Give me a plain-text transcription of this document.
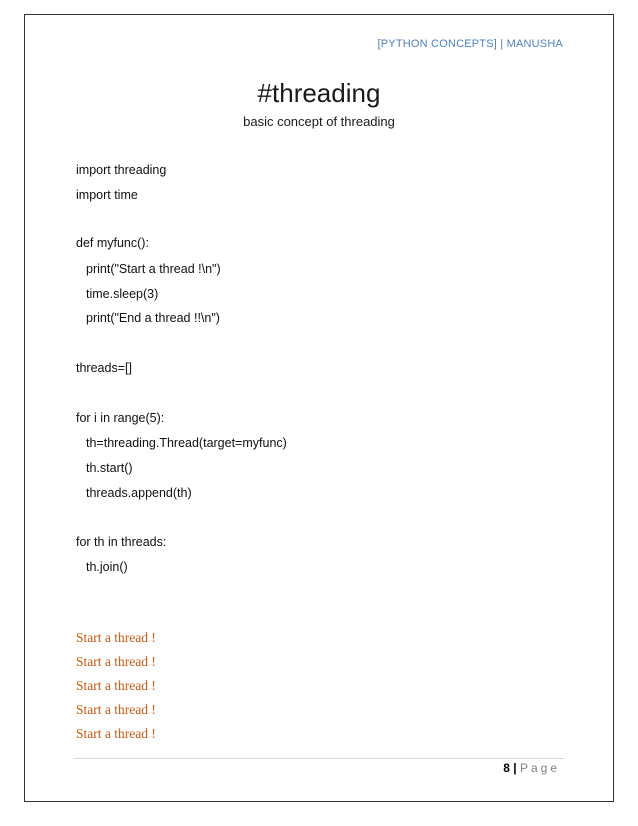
[PYTHON CONCEPTS] | MANUSHA
#threading
basic concept of threading
import threading
import time
def myfunc():
print("Start a thread !\n")
time.sleep(3)
print("End a thread !!\n")
threads=[]
for i in range(5):
th=threading.Thread(target=myfunc)
th.start()
threads.append(th)
for th in threads:
th.join()
Start a thread !
Start a thread !
Start a thread !
Start a thread !
Start a thread !
8 | Page
